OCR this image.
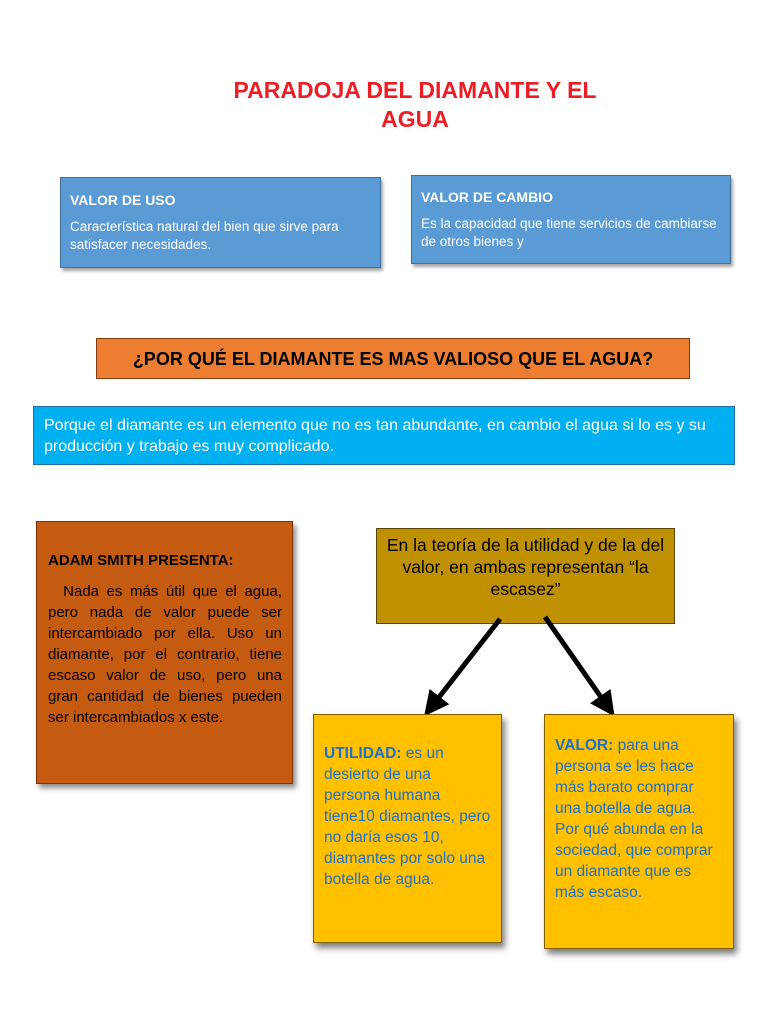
PARADOJA DEL DIAMANTE Y EL
AGUA
VALOR DE USO
Característica natural del bien que sirve para satisfacer necesidades.
VALOR DE CAMBIO
Es la capacidad que tiene servicios de cambiarse de otros bienes y
¿POR QUÉ EL DIAMANTE ES MAS VALIOSO QUE EL AGUA?
Porque el diamante es un elemento que no es tan abundante, en cambio el agua si lo es y su producción y trabajo es muy complicado.
ADAM SMITH PRESENTA:
Nada es más útil que el agua, pero nada de valor puede ser intercambiado por ella. Uso un diamante, por el contrario, tiene escaso valor de uso, pero una gran cantidad de bienes pueden ser intercambiados x este.
En la teoría de la utilidad y de la del valor, en ambas representan “la escasez”
UTILIDAD: es un desierto de una persona humana tiene10 diamantes, pero no daría esos 10, diamantes por solo una botella de agua.
VALOR: para una persona se les hace más barato comprar una botella de agua. Por qué abunda en la sociedad, que comprar un diamante que es más escaso.
